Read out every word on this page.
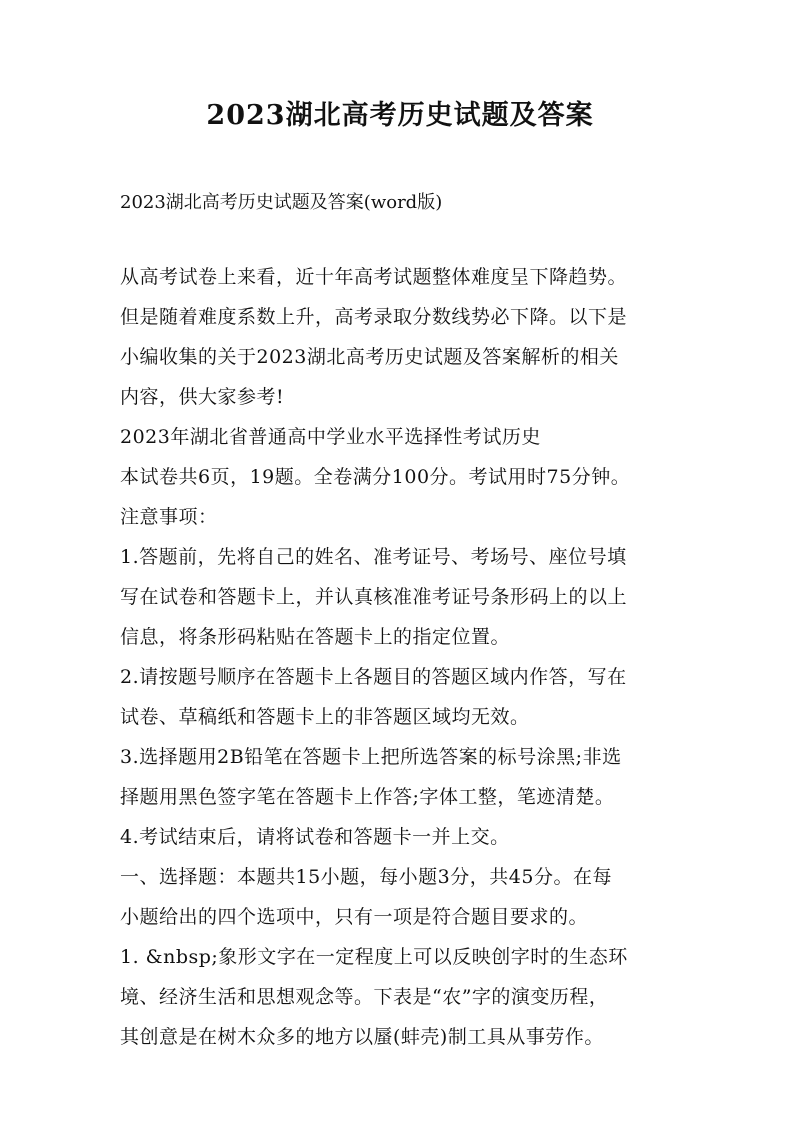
2023湖北高考历史试题及答案

2023湖北高考历史试题及答案(word版)

从高考试卷上来看，近十年高考试题整体难度呈下降趋势。
但是随着难度系数上升，高考录取分数线势必下降。以下是
小编收集的关于2023湖北高考历史试题及答案解析的相关
内容，供大家参考!
2023年湖北省普通高中学业水平选择性考试历史
本试卷共6页，19题。全卷满分100分。考试用时75分钟。
注意事项：
1.答题前，先将自己的姓名、准考证号、考场号、座位号填
写在试卷和答题卡上，并认真核准准考证号条形码上的以上
信息，将条形码粘贴在答题卡上的指定位置。
2.请按题号顺序在答题卡上各题目的答题区域内作答，写在
试卷、草稿纸和答题卡上的非答题区域均无效。
3.选择题用2B铅笔在答题卡上把所选答案的标号涂黑;非选
择题用黑色签字笔在答题卡上作答;字体工整，笔迹清楚。
4.考试结束后，请将试卷和答题卡一并上交。
一、选择题：本题共15小题，每小题3分，共45分。在每
小题给出的四个选项中，只有一项是符合题目要求的。
1. &nbsp;象形文字在一定程度上可以反映创字时的生态环
境、经济生活和思想观念等。下表是“农”字的演变历程，
其创意是在树木众多的地方以蜃(蚌壳)制工具从事劳作。
